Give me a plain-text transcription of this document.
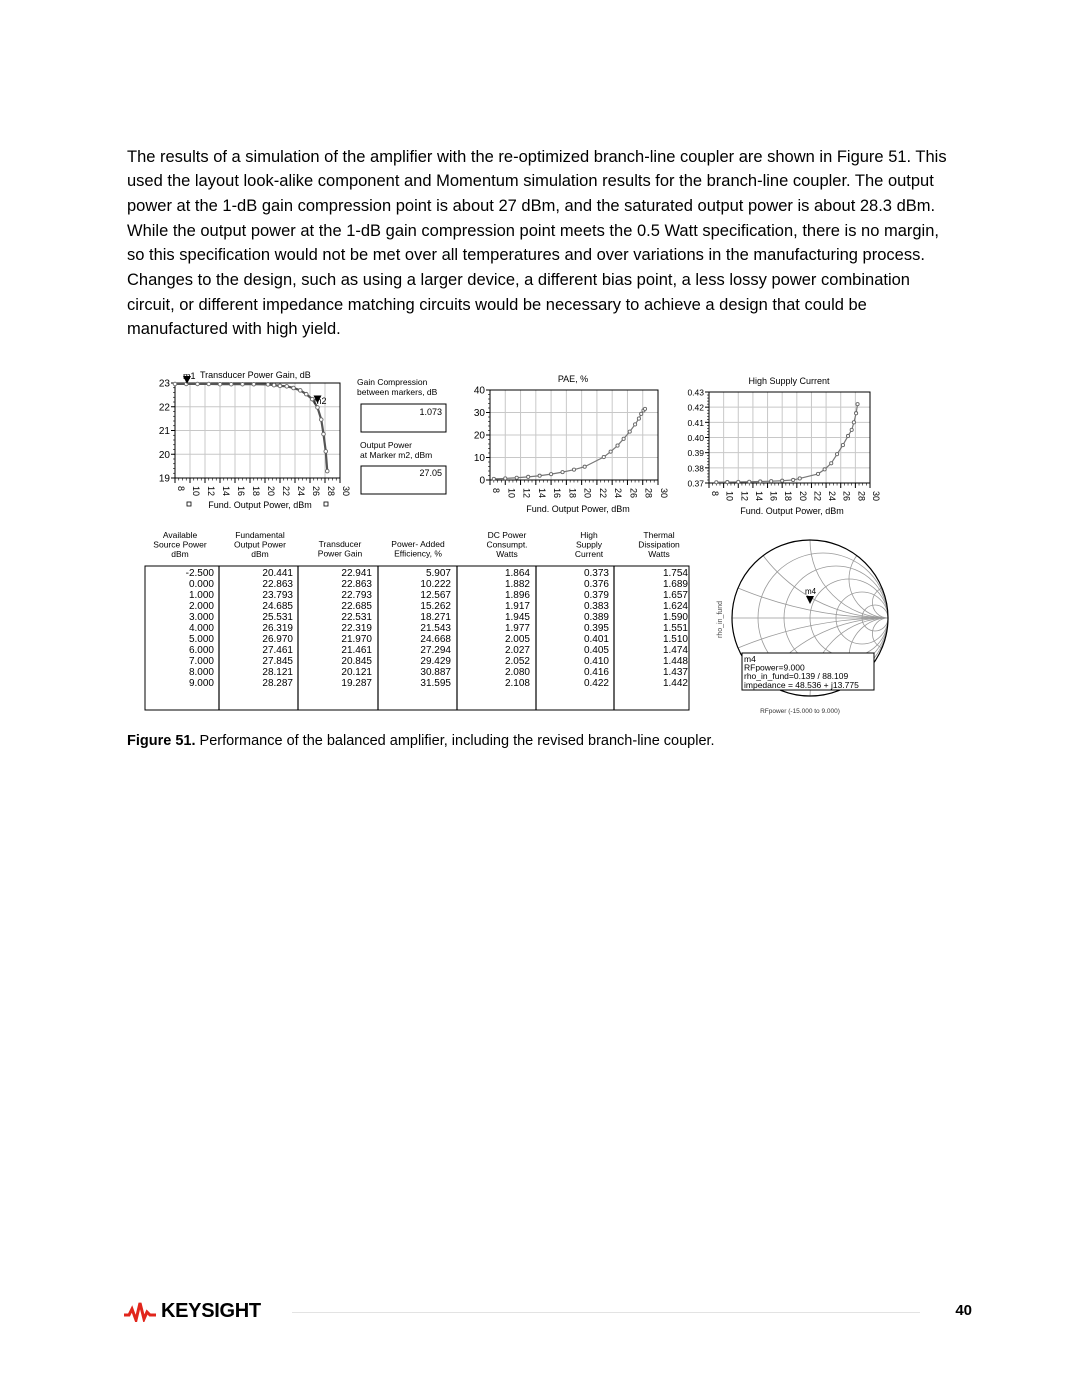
The results of a simulation of the amplifier with the re-optimized branch-line coupler are shown in Figure 51. This used the layout look-alike component and Momentum simulation results for the branch-line coupler. The output power at the 1-dB gain compression point is about 27 dBm, and the saturated output power is about 28.3 dBm. While the output power at the 1-dB gain compression point meets the 0.5 Watt specification, there is no margin, so this specification would not be met over all temperatures and over variations in the manufacturing process. Changes to the design, such as using a larger device, a different bias point, a less lossy power combination circuit, or different impedance matching circuits would be necessary to achieve a design that could be manufactured with high yield.

8 10 12 14 16 18 20 22 24 26 28 30
19
20
21
22
23
Transducer Power Gain, dB
Fund. Output Power, dBm
m1
m2
Gain Compression
between markers, dB
1.073
Output Power
at Marker m2, dBm
27.05
8 10 12 14 16 18 20 22 24 26 28 30
0
10
20
30
40
PAE, %
Fund. Output Power, dBm
8 10 12 14 16 18 20 22 24 26 28 30
0.37
0.38
0.39
0.40
0.41
0.42
0.43
High Supply Current
Fund. Output Power, dBm
Available
Source Power
dBm
Fundamental
Output Power
dBm
Transducer
Power Gain
Power- Added
Efficiency, %
DC Power
Consumpt.
Watts
High
Supply
Current
Thermal
Dissipation
Watts
-2.500
0.000
1.000
2.000
3.000
4.000
5.000
6.000
7.000
8.000
9.000
20.441
22.863
23.793
24.685
25.531
26.319
26.970
27.461
27.845
28.121
28.287
22.941
22.863
22.793
22.685
22.531
22.319
21.970
21.461
20.845
20.121
19.287
5.907
10.222
12.567
15.262
18.271
21.543
24.668
27.294
29.429
30.887
31.595
1.864
1.882
1.896
1.917
1.945
1.977
2.005
2.027
2.052
2.080
2.108
0.373
0.376
0.379
0.383
0.389
0.395
0.401
0.405
0.410
0.416
0.422
1.754
1.689
1.657
1.624
1.590
1.551
1.510
1.474
1.448
1.437
1.442
m4
rho_in_fund
m4
RFpower=9.000
rho_in_fund=0.139 / 88.109
impedance = 48.536 + j13.775
RFpower (-15.000 to 9.000)
Figure 51. Performance of the balanced amplifier, including the revised branch-line coupler.
KEYSIGHT	40
